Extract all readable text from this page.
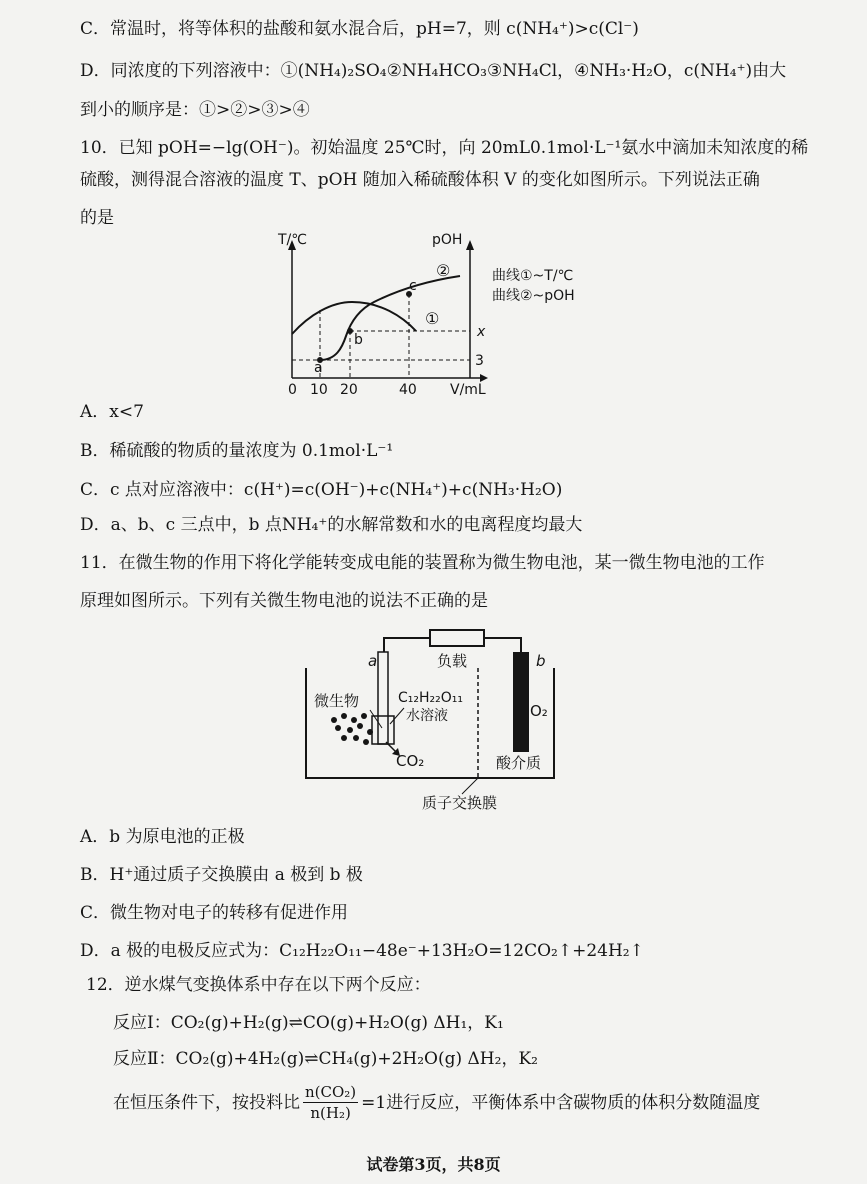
C．常温时，将等体积的盐酸和氨水混合后，pH=7，则 c(NH₄⁺)>c(Cl⁻)
D．同浓度的下列溶液中：①(NH₄)₂SO₄②NH₄HCO₃③NH₄Cl，④NH₃·H₂O，c(NH₄⁺)由大
到小的顺序是：①>②>③>④
10．已知 pOH=−lg(OH⁻)。初始温度 25℃时，向 20mL0.1mol·L⁻¹氨水中滴加未知浓度的稀
硫酸，测得混合溶液的温度 T、pOH 随加入稀硫酸体积 V 的变化如图所示。下列说法正确
的是
T/℃	pOH
a
b
c
②
①
x
3
0 10 20	40 V/mL
曲线①~T/℃
曲线②~pOH
A．x<7
B．稀硫酸的物质的量浓度为 0.1mol·L⁻¹
C．c 点对应溶液中：c(H⁺)=c(OH⁻)+c(NH₄⁺)+c(NH₃·H₂O)
D．a、b、c 三点中，b 点NH₄⁺的水解常数和水的电离程度均最大
11．在微生物的作用下将化学能转变成电能的装置称为微生物电池，某一微生物电池的工作
原理如图所示。下列有关微生物电池的说法不正确的是
负载
a	b
质子交换膜
微生物	C₁₂H₂₂O₁₁
水溶液
CO₂
O₂
酸介质
A．b 为原电池的正极
B．H⁺通过质子交换膜由 a 极到 b 极
C．微生物对电子的转移有促进作用
D．a 极的电极反应式为：C₁₂H₂₂O₁₁−48e⁻+13H₂O=12CO₂↑+24H₂↑
12．逆水煤气变换体系中存在以下两个反应：
反应Ⅰ：CO₂(g)+H₂(g)⇌CO(g)+H₂O(g) ΔH₁，K₁
反应Ⅱ：CO₂(g)+4H₂(g)⇌CH₄(g)+2H₂O(g) ΔH₂，K₂
在恒压条件下，按投料比 $\frac{\text{n(CO₂)}}{\text{n(H₂)}} =1$进行反应，平衡体系中含碳物质的体积分数随温度
试卷第3页，共8页
